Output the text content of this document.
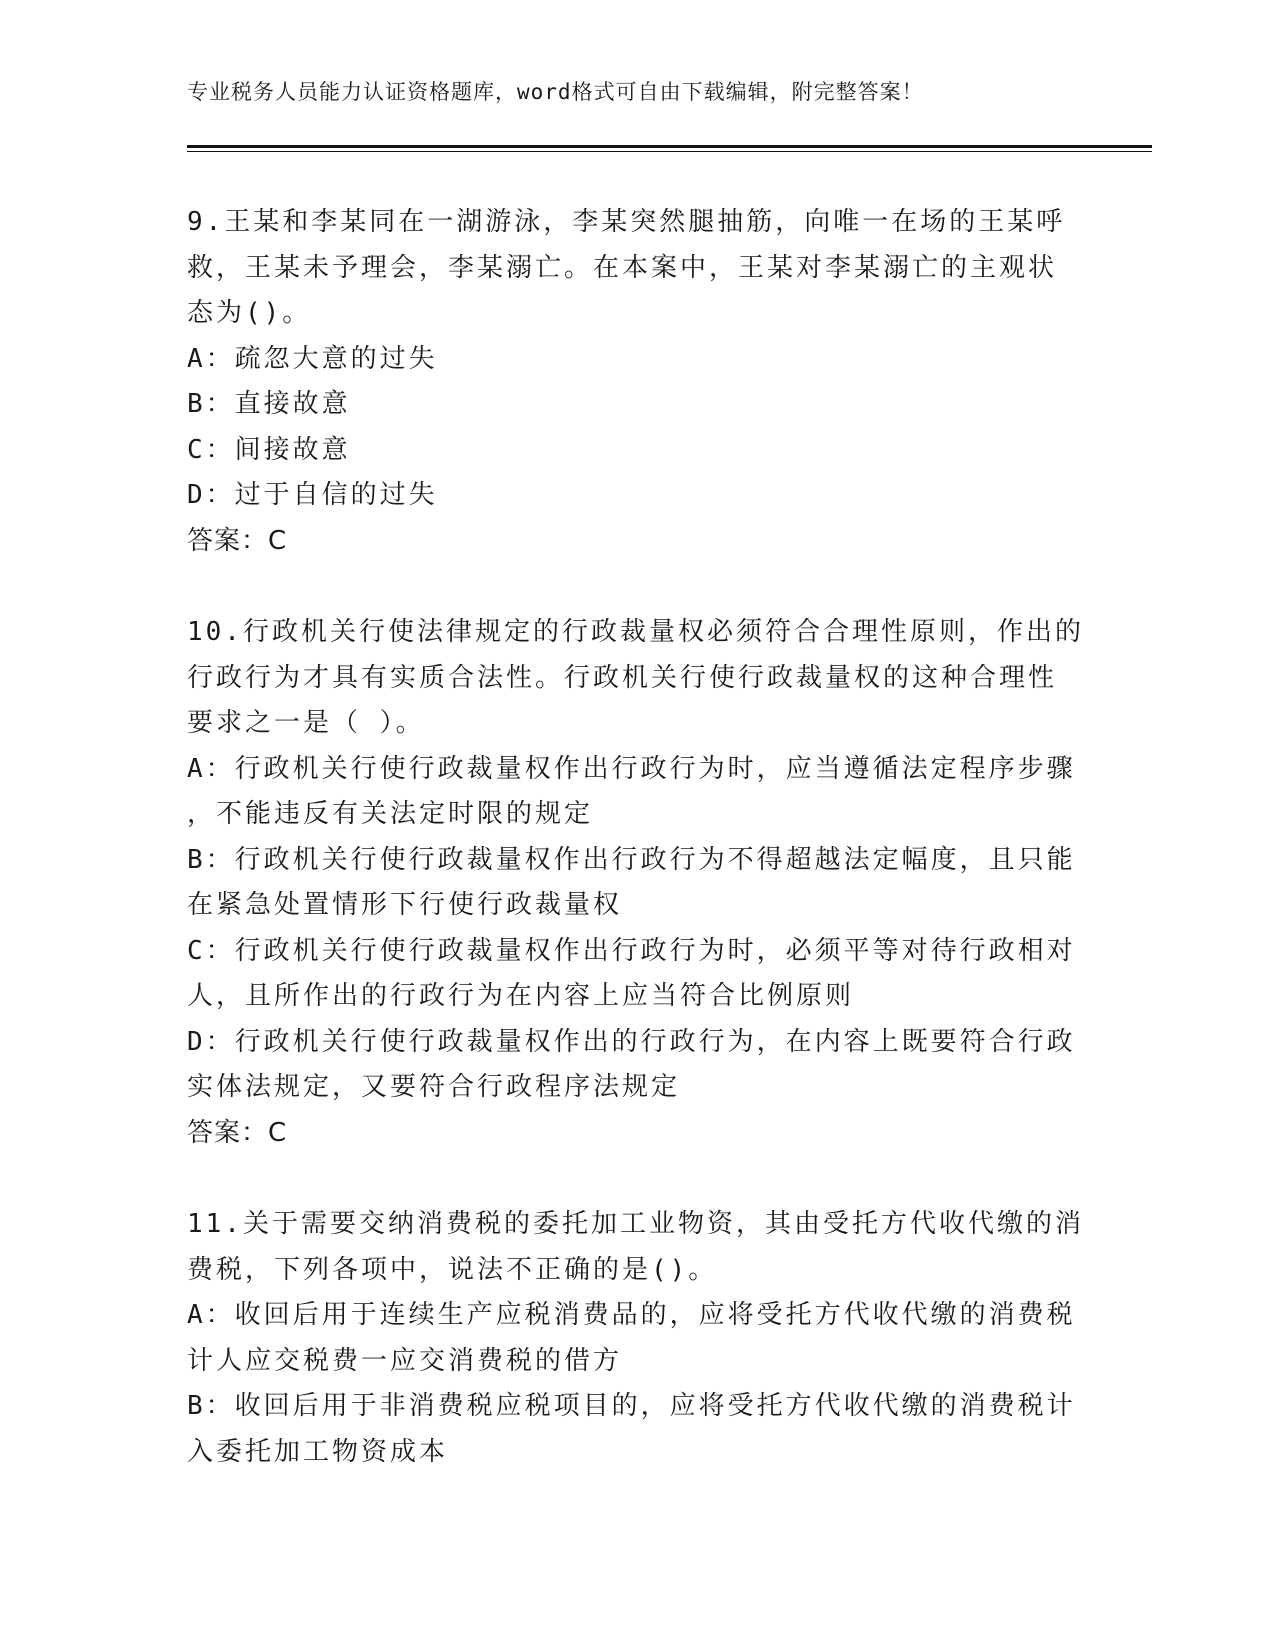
专业税务人员能力认证资格题库，word格式可自由下载编辑，附完整答案！
9.王某和李某同在一湖游泳，李某突然腿抽筋，向唯一在场的王某呼
救，王某未予理会，李某溺亡。在本案中，王某对李某溺亡的主观状
态为()。
A：疏忽大意的过失
B：直接故意
C：间接故意
D：过于自信的过失
答案：C
10.行政机关行使法律规定的行政裁量权必须符合合理性原则，作出的
行政行为才具有实质合法性。行政机关行使行政裁量权的这种合理性
要求之一是（ ）。
A：行政机关行使行政裁量权作出行政行为时，应当遵循法定程序步骤
，不能违反有关法定时限的规定
B：行政机关行使行政裁量权作出行政行为不得超越法定幅度，且只能
在紧急处置情形下行使行政裁量权
C：行政机关行使行政裁量权作出行政行为时，必须平等对待行政相对
人，且所作出的行政行为在内容上应当符合比例原则
D：行政机关行使行政裁量权作出的行政行为，在内容上既要符合行政
实体法规定，又要符合行政程序法规定
答案：C
11.关于需要交纳消费税的委托加工业物资，其由受托方代收代缴的消
费税，下列各项中，说法不正确的是()。
A：收回后用于连续生产应税消费品的，应将受托方代收代缴的消费税
计人应交税费一应交消费税的借方
B：收回后用于非消费税应税项目的，应将受托方代收代缴的消费税计
入委托加工物资成本
